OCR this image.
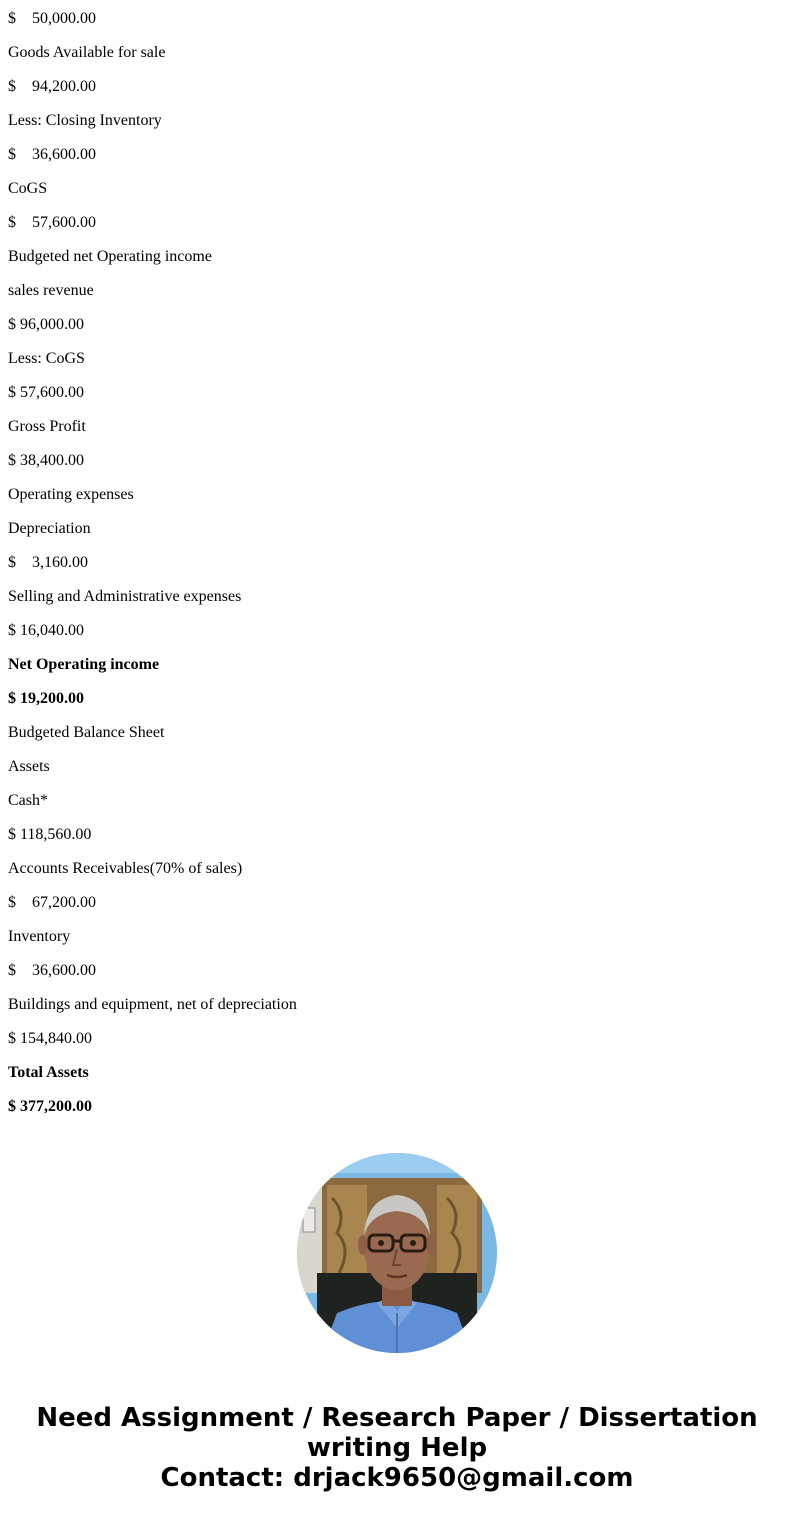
$    50,000.00
Goods Available for sale
$    94,200.00
Less: Closing Inventory
$    36,600.00
CoGS
$    57,600.00
Budgeted net Operating income
sales revenue
$ 96,000.00
Less: CoGS
$ 57,600.00
Gross Profit
$ 38,400.00
Operating expenses
Depreciation
$    3,160.00
Selling and Administrative expenses
$ 16,040.00
Net Operating income
$ 19,200.00
Budgeted Balance Sheet
Assets
Cash*
$ 118,560.00
Accounts Receivables(70% of sales)
$    67,200.00
Inventory
$    36,600.00
Buildings and equipment, net of depreciation
$ 154,840.00
Total Assets
$ 377,200.00
Need Assignment / Research Paper / Dissertation
writing Help
Contact: drjack9650@gmail.com
